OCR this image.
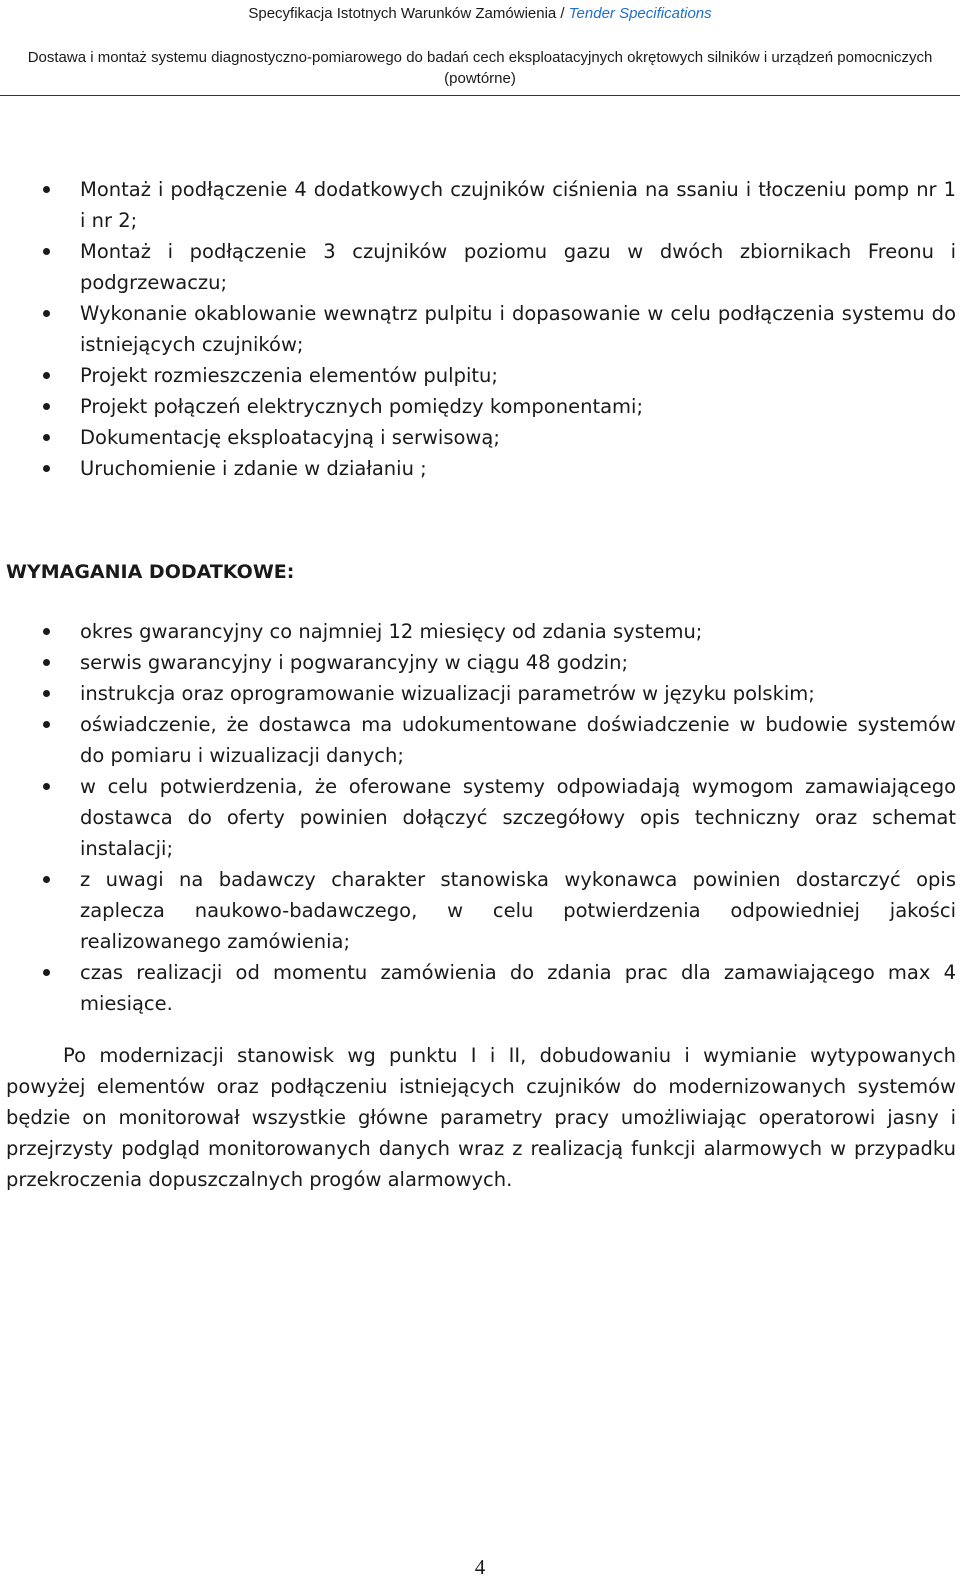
Specyfikacja Istotnych Warunków Zamówienia / Tender Specifications
Dostawa i montaż systemu diagnostyczno-pomiarowego do badań cech eksploatacyjnych okrętowych silników i urządzeń pomocniczych (powtórne)
Montaż i podłączenie 4 dodatkowych czujników ciśnienia na ssaniu i tłoczeniu pomp nr 1 i nr 2;
Montaż i podłączenie 3 czujników poziomu gazu w dwóch zbiornikach Freonu i podgrzewaczu;
Wykonanie okablowanie wewnątrz pulpitu i dopasowanie w celu podłączenia systemu do istniejących czujników;
Projekt rozmieszczenia elementów pulpitu;
Projekt połączeń elektrycznych pomiędzy komponentami;
Dokumentację eksploatacyjną i serwisową;
Uruchomienie i zdanie w działaniu ;
WYMAGANIA DODATKOWE:
okres gwarancyjny co najmniej 12 miesięcy od zdania systemu;
serwis gwarancyjny i pogwarancyjny w ciągu 48 godzin;
instrukcja oraz oprogramowanie wizualizacji parametrów w języku polskim;
oświadczenie, że dostawca ma udokumentowane doświadczenie w budowie systemów do pomiaru i wizualizacji danych;
w celu potwierdzenia, że oferowane systemy odpowiadają wymogom zamawiającego dostawca do oferty powinien dołączyć szczegółowy opis techniczny oraz schemat instalacji;
z uwagi na badawczy charakter stanowiska wykonawca powinien dostarczyć opis zaplecza naukowo-badawczego, w celu potwierdzenia odpowiedniej jakości realizowanego zamówienia;
czas realizacji od momentu zamówienia do zdania prac dla zamawiającego max 4 miesiące.

Po modernizacji stanowisk wg punktu I i II, dobudowaniu i wymianie wytypowanych powyżej elementów oraz podłączeniu istniejących czujników do modernizowanych systemów będzie on monitorował wszystkie główne parametry pracy umożliwiając operatorowi jasny i przejrzysty podgląd monitorowanych danych wraz z realizacją funkcji alarmowych w przypadku przekroczenia dopuszczalnych progów alarmowych.

4
